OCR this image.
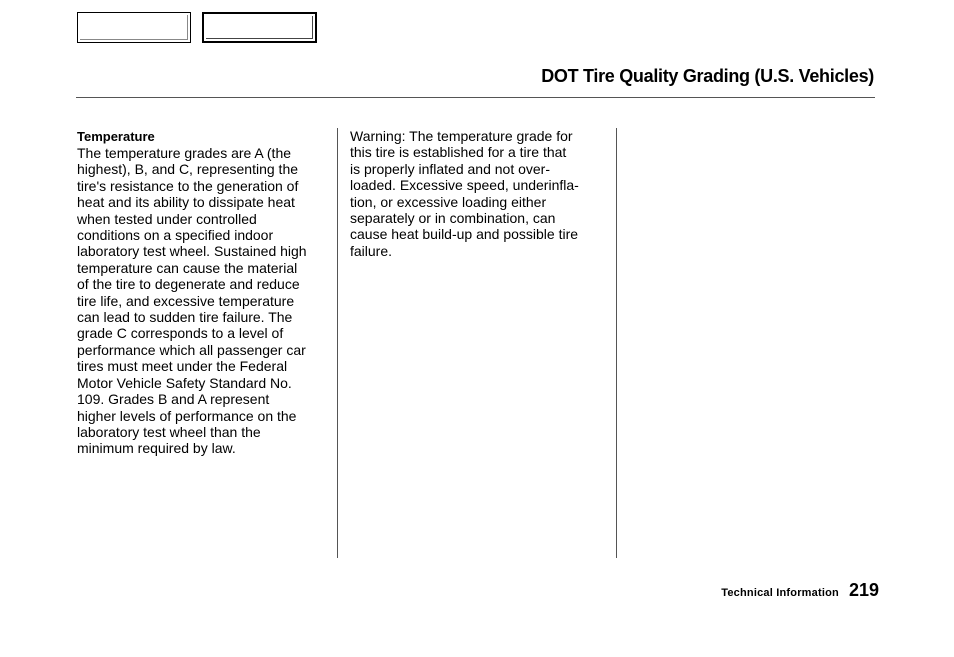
DOT Tire Quality Grading (U.S. Vehicles)
Temperature
The temperature grades are A (the
highest), B, and C, representing the
tire's resistance to the generation of
heat and its ability to dissipate heat
when tested under controlled
conditions on a specified indoor
laboratory test wheel. Sustained high
temperature can cause the material
of the tire to degenerate and reduce
tire life, and excessive temperature
can lead to sudden tire failure. The
grade C corresponds to a level of
performance which all passenger car
tires must meet under the Federal
Motor Vehicle Safety Standard No.
109. Grades B and A represent
higher levels of performance on the
laboratory test wheel than the
minimum required by law.
Warning: The temperature grade for
this tire is established for a tire that
is properly inflated and not over-
loaded. Excessive speed, underinfla-
tion, or excessive loading either
separately or in combination, can
cause heat build-up and possible tire
failure.
Technical Information 219
